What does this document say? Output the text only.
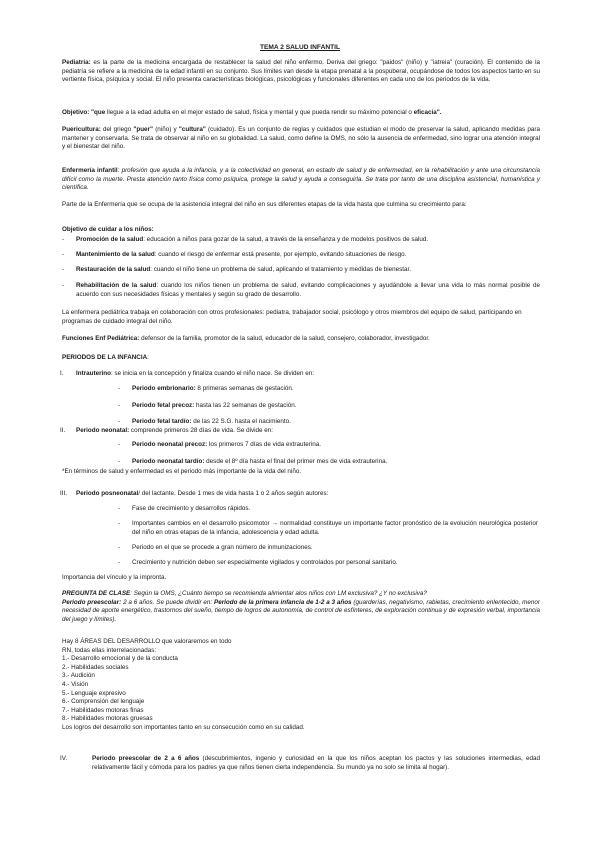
TEMA 2 SALUD INFANTIL

Pediatría: es la parte de la medicina encargada de restablecer la salud del niño enfermo. Deriva del griego: "paidos" (niño) y "iatreia" (curación). El contenido de la pediatría se refiere a la medicina de la edad infantil en su conjunto. Sus límites van desde la etapa prenatal a la pospuberal, ocupándose de todos los aspectos tanto en su vertiente física, psíquica y social. El niño presenta características biológicas, psicológicas y funcionales diferentes en cada uno de los periodos de la vida.

Objetivo: "que llegue a la edad adulta en el mejor estado de salud, física y mental y que pueda rendir su máximo potencial o eficacia".

Puericultura: del griego "puer" (niño) y "cultura" (cuidado). Es un conjunto de reglas y cuidados que estudian el modo de preservar la salud, aplicando medidas para mantener y conservarla. Se trata de observar al niño en su globalidad. La salud, como define la OMS, no sólo la ausencia de enfermedad, sino lograr una atención integral y el bienestar del niño.

Enfermería infantil: profesión que ayuda a la infancia, y a la colectividad en general, en estado de salud y de enfermedad, en la rehabilitación y ante una circunstancia difícil como la muerte. Presta atención tanto física como psíquica, protege la salud y ayuda a conseguirla. Se trata por tanto de una disciplina asistencial, humanística y científica.

Parte de la Enfermería que se ocupa de la asistencia integral del niño en sus diferentes etapas de la vida hasta que culmina su crecimiento para:

Objetivo de cuidar a los niños:
- Promoción de la salud: educación a niños para gozar de la salud, a través de la enseñanza y de modelos positivos de salud.
- Mantenimiento de la salud: cuando el riesgo de enfermar está presente, por ejemplo, evitando situaciones de riesgo.
- Restauración de la salud: cuando el niño tiene un problema de salud, aplicando el tratamiento y medidas de bienestar.
- Rehabilitación de la salud: cuando los niños tienen un problema de salud, evitando complicaciones y ayudándole a llevar una vida lo más normal posible de acuerdo con sus necesidades físicas y mentales y según su grado de desarrollo.

La enfermera pediátrica trabaja en colaboración con otros profesionales: pediatra, trabajador social, psicólogo y otros miembros del equipo de salud, participando en programas de cuidado integral del niño.

Funciones Enf Pediátrica: defensor de la familia, promotor de la salud, educador de la salud, consejero, colaborador, investigador.

PERIODOS DE LA INFANCIA:
I. Intrauterino: se inicia en la concepción y finaliza cuando el niño nace. Se dividen en:
- Periodo embrionario: 8 primeras semanas de gestación.
- Periodo fetal precoz: hasta las 22 semanas de gestación.
- Periodo fetal tardío: de las 22 S.G. hasta el nacimiento.
II. Periodo neonatal: comprende primeros 28 días de vida. Se divide en:
- Periodo neonatal precoz: los primeros 7 días de vida extrauterina.
- Periodo neonatal tardío: desde el 8º día hasta el final del primer mes de vida extrauterina.
*En términos de salud y enfermedad es el periodo más importante de la vida del niño.
III. Periodo posneonatal/ del lactante. Desde 1 mes de vida hasta 1 o 2 años según autores:
- Fase de crecimiento y desarrollos rápidos.
- Importantes cambios en el desarrollo psicomotor → normalidad constituye un importante factor pronóstico de la evolución neurológica posterior del niño en otras etapas de la infancia, adolescencia y edad adulta.
- Periodo en el que se procede a gran número de inmunizaciones.
- Crecimiento y nutrición deben ser especialmente vigilados y controlados por personal sanitario.
Importancia del vínculo y la impronta.

PREGUNTA DE CLASE: Según la OMS, ¿Cuánto tiempo se recomienda alimentar alos niños con LM exclusiva? ¿Y no exclusiva?
Periodo preescolar: 2 a 6 años. Se puede dividir en: Periodo de la primera infancia de 1-2 a 3 años (guarderías, negativismo, rabietas, crecimiento enlentecido, menor necesidad de aporte energético, trastornos del sueño, tiempo de logros de autonomía, de control de esfínteres, de exploración continua y de expresión verbal, importancia del juego y límites).

Hay 8 ÁREAS DEL DESARROLLO que valoraremos en todo
RN, todas ellas interrelacionadas:
1.- Desarrollo emocional y de la conducta
2.- Habilidades sociales
3.- Audición
4.- Visión
5.- Lenguaje expresivo
6.- Comprensión del lenguaje
7.- Habilidades motoras finas
8.- Habilidades motoras gruesas
Los logros del desarrollo son importantes tanto en su consecución como en su calidad.
IV.	Periodo preescolar de 2 a 6 años (descubrimientos, ingenio y curiosidad en la que los niños aceptan los pactos y las soluciones intermedias, edad relativamente fácil y cómoda para los padres ya que niños tienen cierta independencia. Su mundo ya no solo se limita al hogar).
